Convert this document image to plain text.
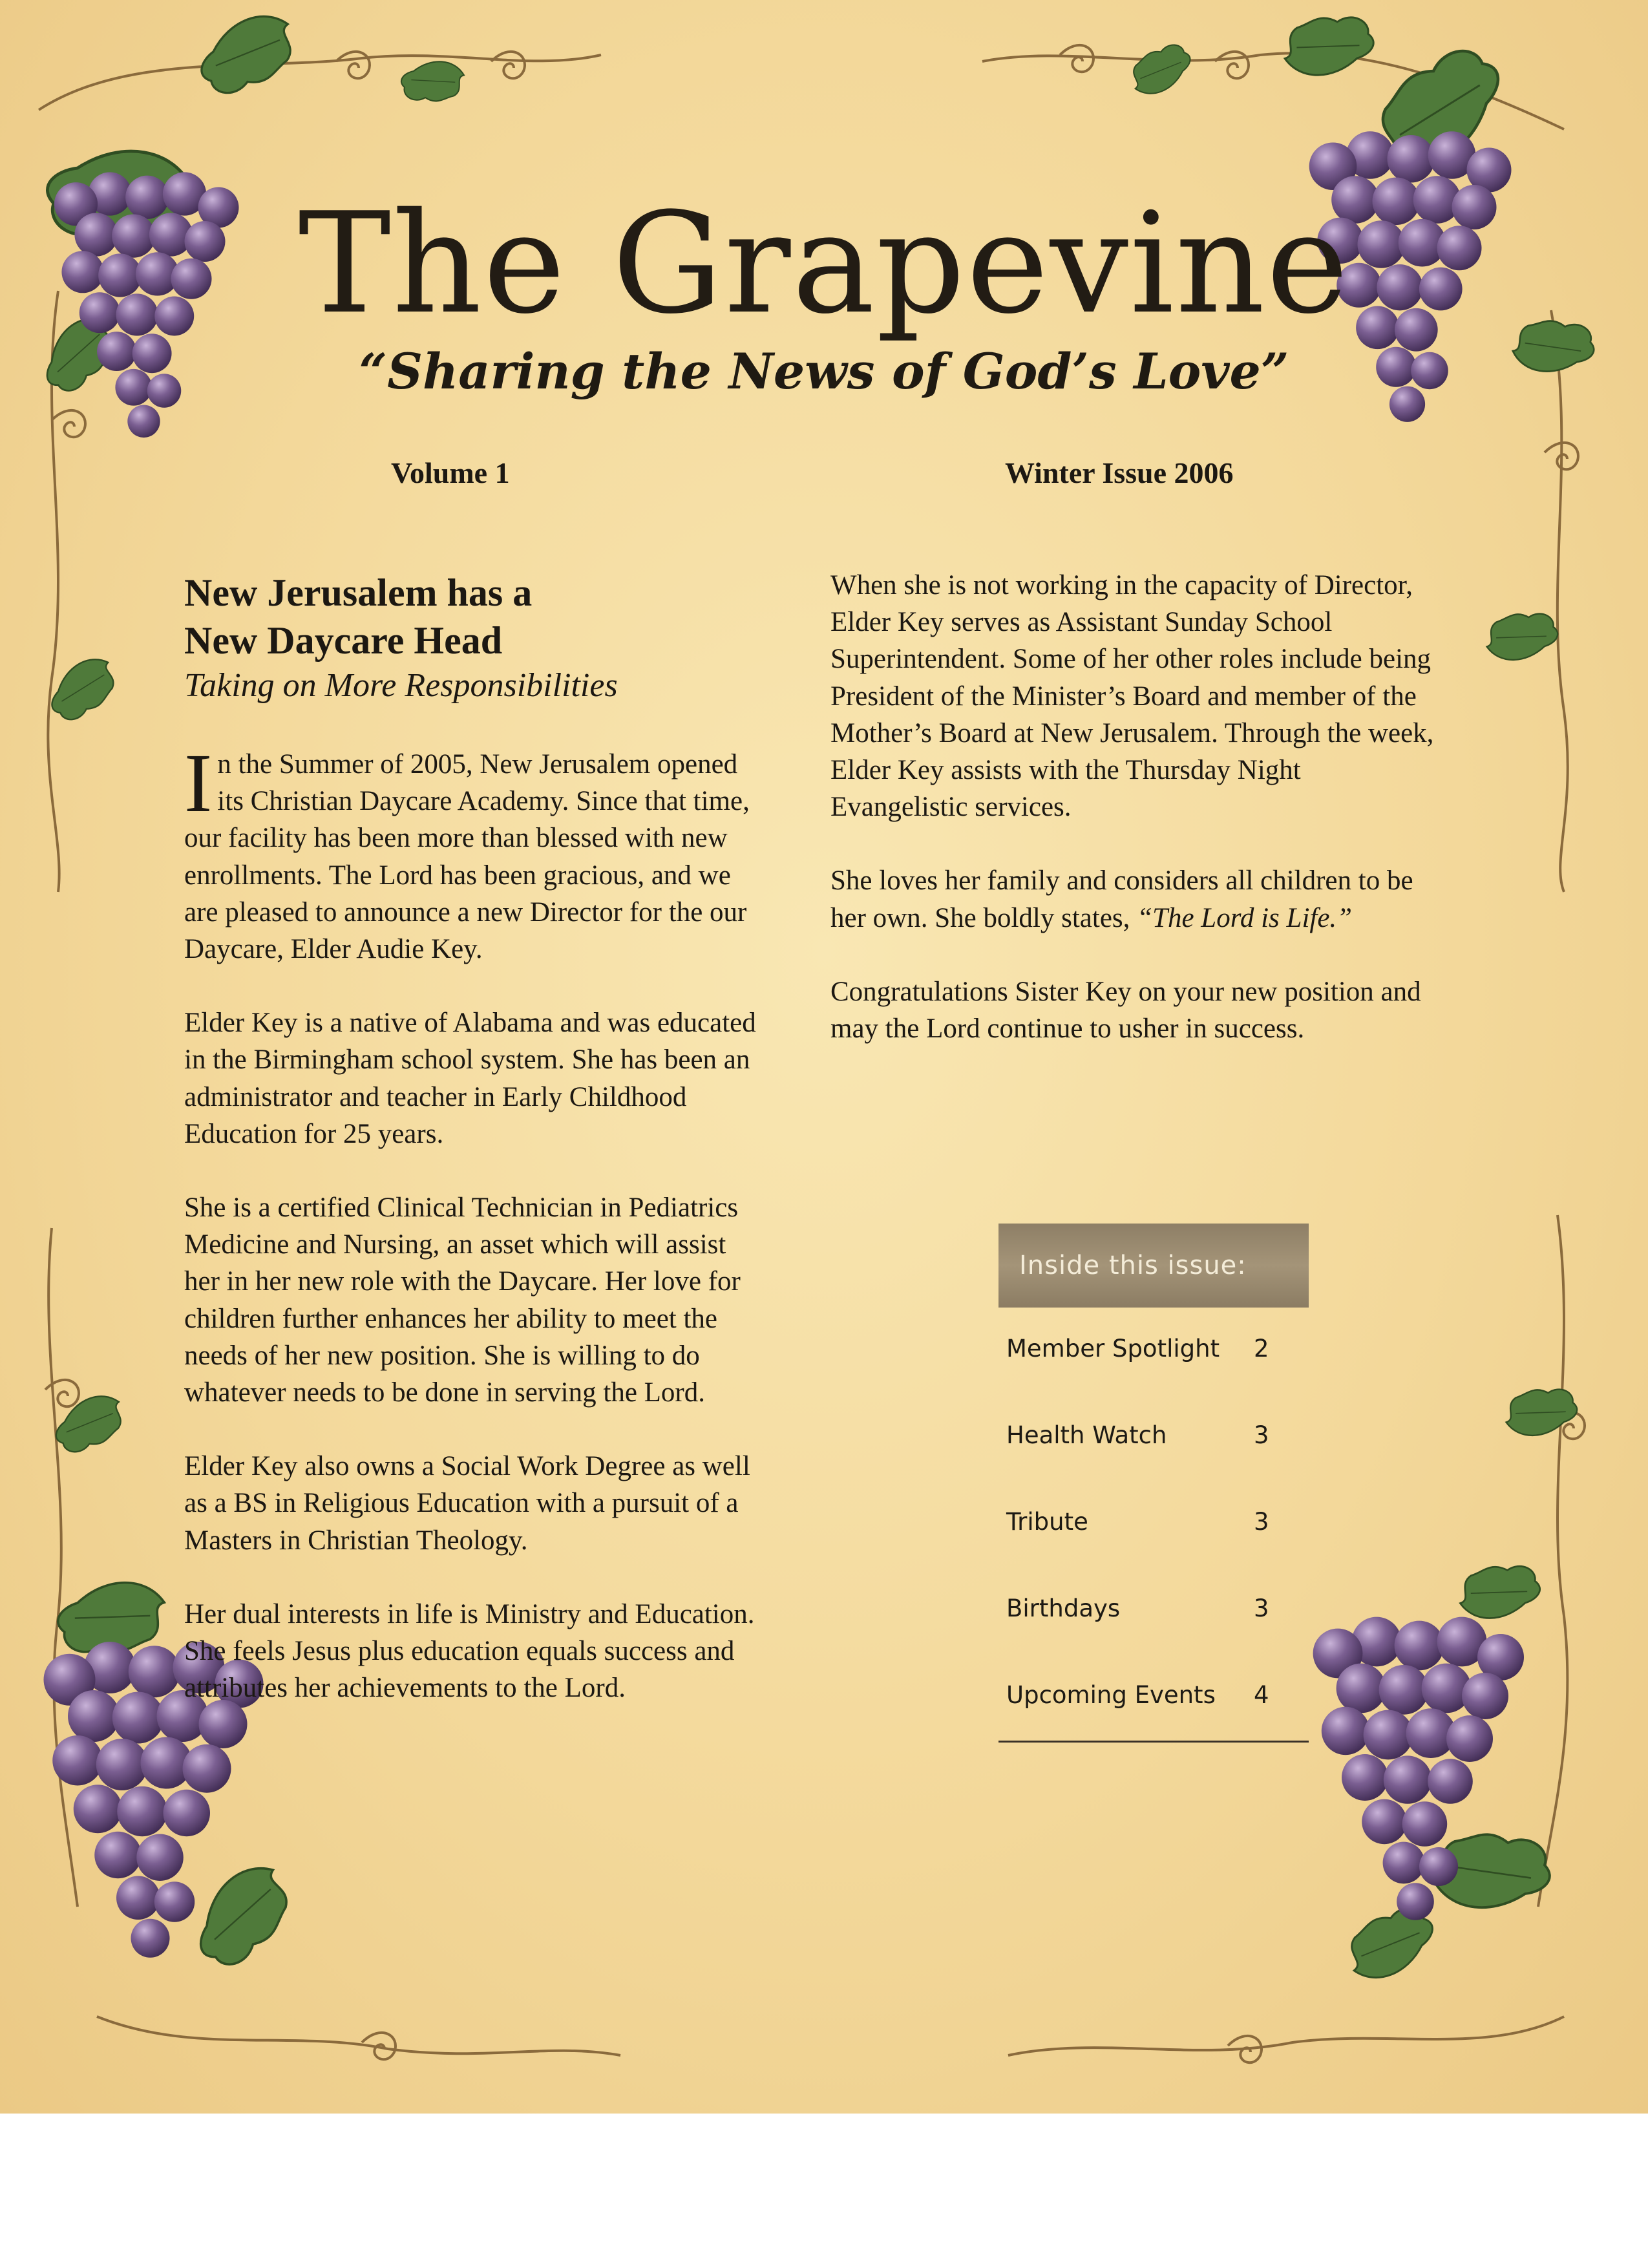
The Grapevine
“Sharing the News of God’s Love”
Volume 1	Winter Issue 2006

New Jerusalem has a
New Daycare Head

Taking on More Responsibilities

In the Summer of 2005, New Jerusalem opened its Christian Daycare Academy. Since that time, our facility has been more than blessed with new enrollments. The Lord has been gracious, and we are pleased to announce a new Director for the our Daycare, Elder Audie Key.

Elder Key is a native of Alabama and was educated in the Birmingham school system. She has been an administrator and teacher in Early Childhood Education for 25 years.

She is a certified Clinical Technician in Pediatrics Medicine and Nursing, an asset which will assist her in her new role with the Daycare. Her love for children further enhances her ability to meet the needs of her new position. She is willing to do whatever needs to be done in serving the Lord.

Elder Key also owns a Social Work Degree as well as a BS in Religious Education with a pursuit of a Masters in Christian Theology.

Her dual interests in life is Ministry and Education. She feels Jesus plus education equals success and attributes her achievements to the Lord.

When she is not working in the capacity of Director, Elder Key serves as Assistant Sunday School Superintendent. Some of her other roles include being President of the Minister’s Board and member of the Mother’s Board at New Jerusalem. Through the week, Elder Key assists with the Thursday Night Evangelistic services.

She loves her family and considers all children to be her own. She boldly states, “The Lord is Life.”

Congratulations Sister Key on your new position and may the Lord continue to usher in success.

Inside this issue:
Member Spotlight 2
Health Watch	3
Tribute	3
Birthdays	3
Upcoming Events 4
